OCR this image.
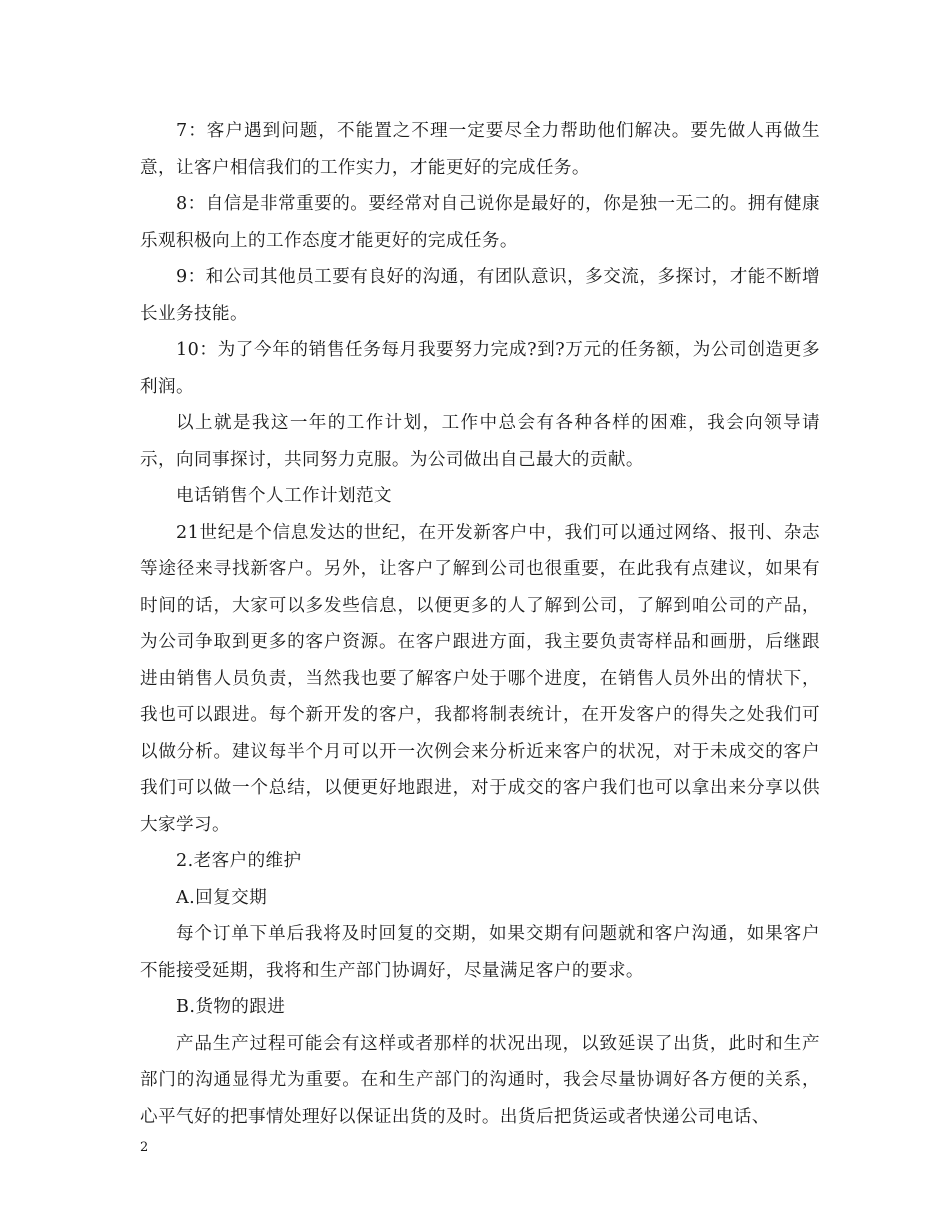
7：客户遇到问题，不能置之不理一定要尽全力帮助他们解决。要先做人再做生意，让客户相信我们的工作实力，才能更好的完成任务。

8：自信是非常重要的。要经常对自己说你是最好的，你是独一无二的。拥有健康乐观积极向上的工作态度才能更好的完成任务。

9：和公司其他员工要有良好的沟通，有团队意识，多交流，多探讨，才能不断增长业务技能。

10：为了今年的销售任务每月我要努力完成?到?万元的任务额，为公司创造更多利润。

以上就是我这一年的工作计划，工作中总会有各种各样的困难，我会向领导请示，向同事探讨，共同努力克服。为公司做出自己最大的贡献。

电话销售个人工作计划范文

21世纪是个信息发达的世纪，在开发新客户中，我们可以通过网络、报刊、杂志等途径来寻找新客户。另外，让客户了解到公司也很重要，在此我有点建议，如果有时间的话，大家可以多发些信息，以便更多的人了解到公司，了解到咱公司的产品，为公司争取到更多的客户资源。在客户跟进方面，我主要负责寄样品和画册，后继跟进由销售人员负责，当然我也要了解客户处于哪个进度，在销售人员外出的情状下，我也可以跟进。每个新开发的客户，我都将制表统计，在开发客户的得失之处我们可以做分析。建议每半个月可以开一次例会来分析近来客户的状况，对于未成交的客户我们可以做一个总结，以便更好地跟进，对于成交的客户我们也可以拿出来分享以供大家学习。

2.老客户的维护

A.回复交期

每个订单下单后我将及时回复的交期，如果交期有问题就和客户沟通，如果客户不能接受延期，我将和生产部门协调好，尽量满足客户的要求。

B.货物的跟进

产品生产过程可能会有这样或者那样的状况出现，以致延误了出货，此时和生产部门的沟通显得尤为重要。在和生产部门的沟通时，我会尽量协调好各方便的关系，心平气好的把事情处理好以保证出货的及时。出货后把货运或者快递公司电话、

2
